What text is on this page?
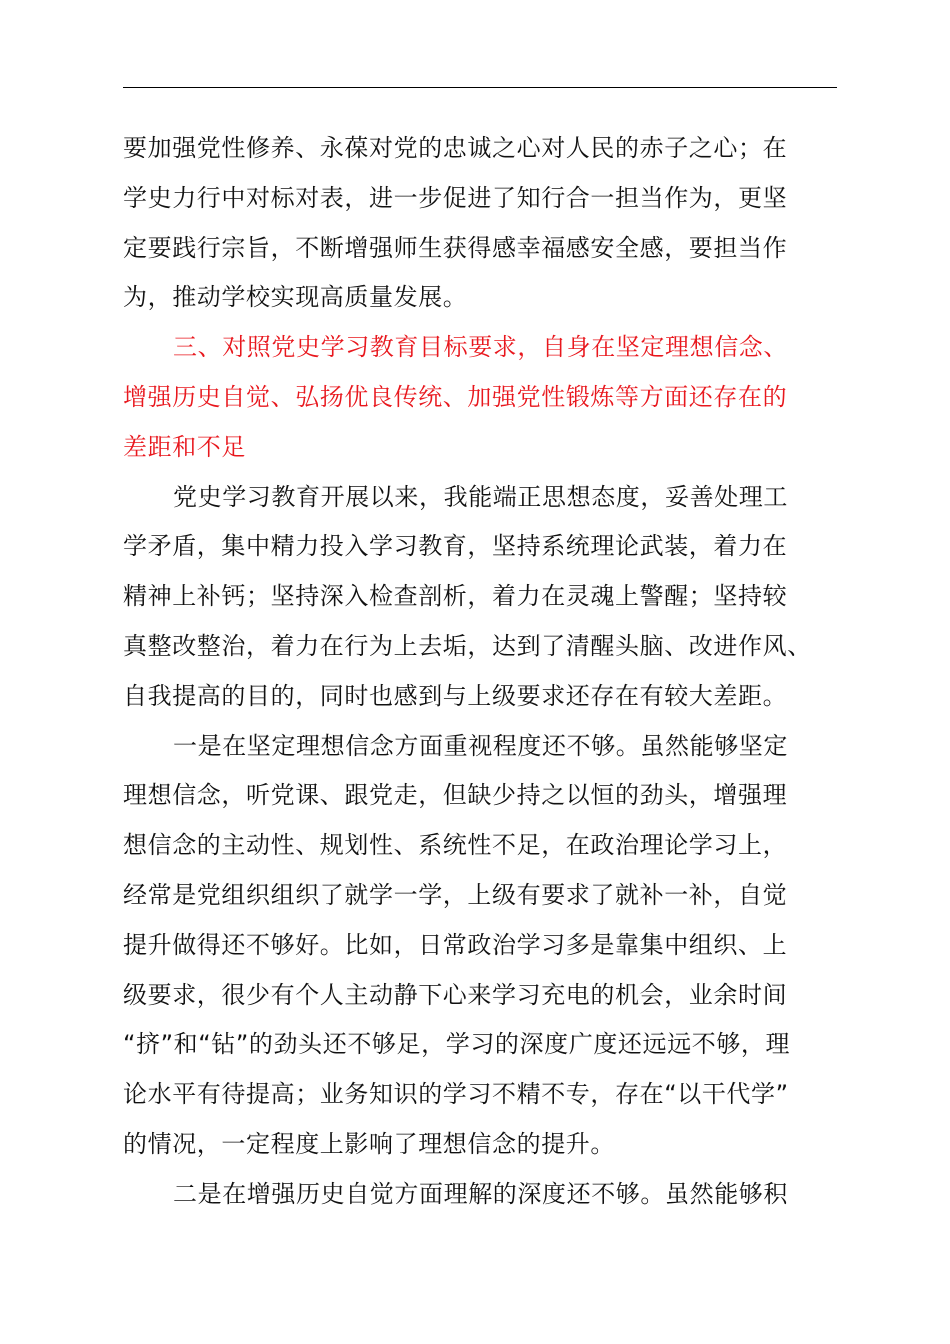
要加强党性修养、永葆对党的忠诚之心对人民的赤子之心；在
学史力行中对标对表，进一步促进了知行合一担当作为，更坚
定要践行宗旨，不断增强师生获得感幸福感安全感，要担当作
为，推动学校实现高质量发展。
三、对照党史学习教育目标要求，自身在坚定理想信念、
增强历史自觉、弘扬优良传统、加强党性锻炼等方面还存在的
差距和不足
党史学习教育开展以来，我能端正思想态度，妥善处理工
学矛盾，集中精力投入学习教育，坚持系统理论武装，着力在
精神上补钙；坚持深入检查剖析，着力在灵魂上警醒；坚持较
真整改整治，着力在行为上去垢，达到了清醒头脑、改进作风、
自我提高的目的，同时也感到与上级要求还存在有较大差距。
一是在坚定理想信念方面重视程度还不够。虽然能够坚定
理想信念，听党课、跟党走，但缺少持之以恒的劲头，增强理
想信念的主动性、规划性、系统性不足，在政治理论学习上，
经常是党组织组织了就学一学，上级有要求了就补一补，自觉
提升做得还不够好。比如，日常政治学习多是靠集中组织、上
级要求，很少有个人主动静下心来学习充电的机会，业余时间
“挤”和“钻”的劲头还不够足，学习的深度广度还远远不够，理
论水平有待提高；业务知识的学习不精不专，存在“以干代学”
的情况，一定程度上影响了理想信念的提升。
二是在增强历史自觉方面理解的深度还不够。虽然能够积
